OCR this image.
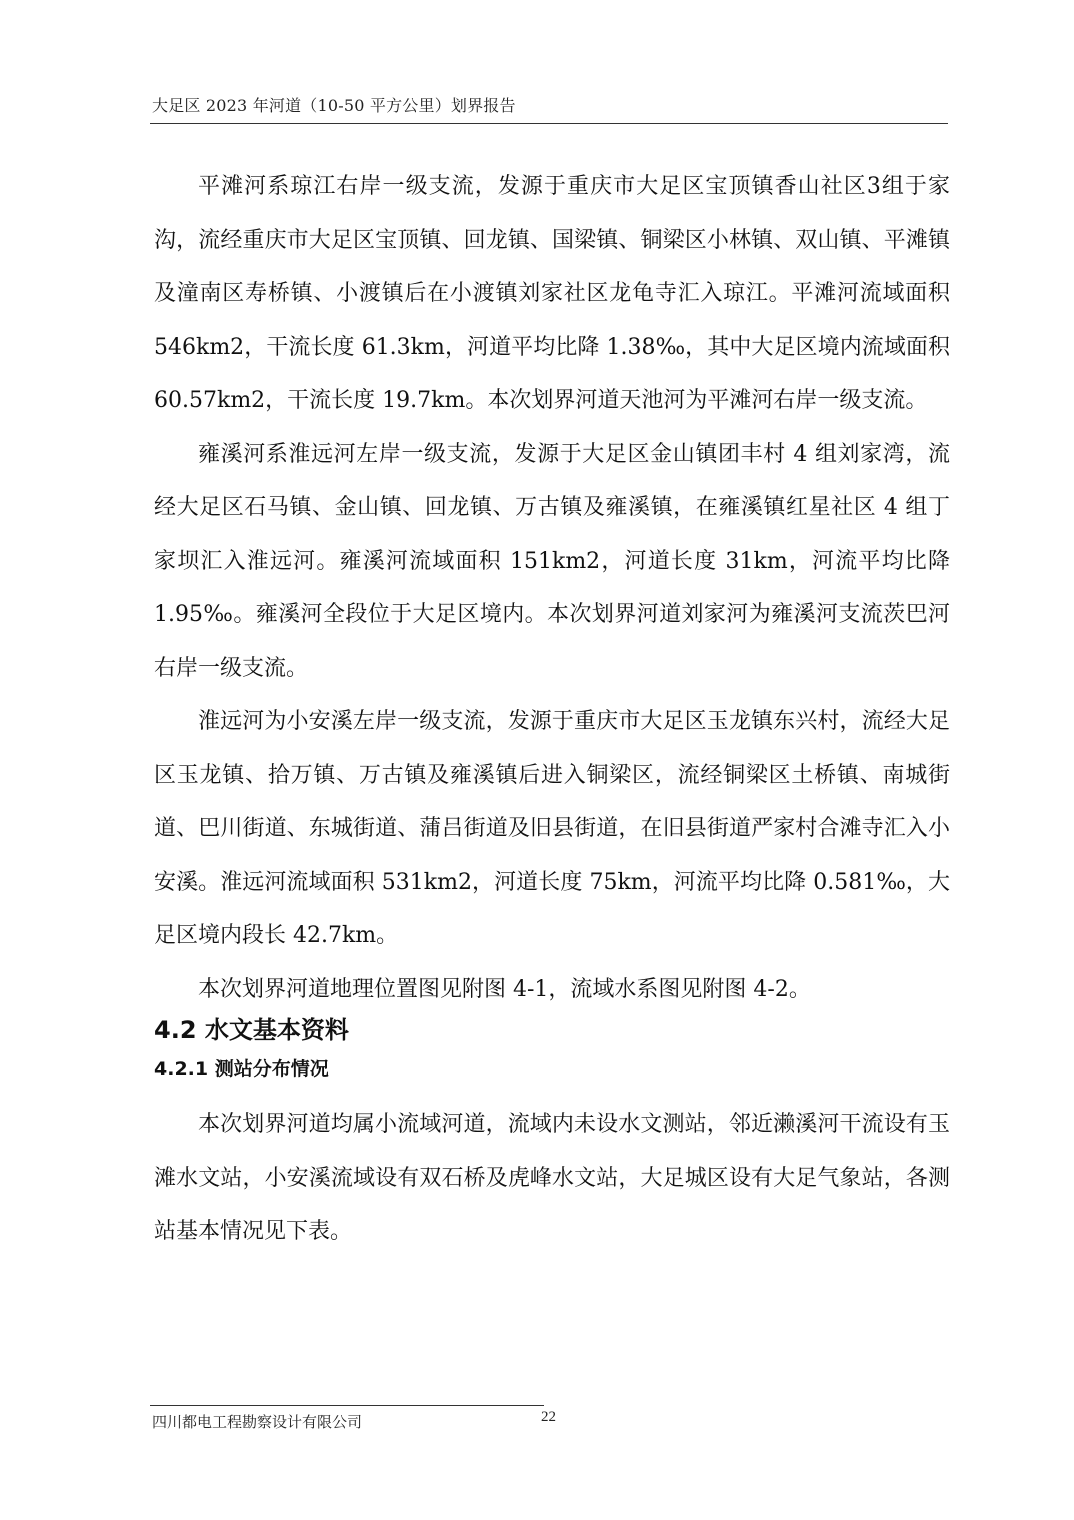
大足区 2023 年河道（10-50 平方公里）划界报告

平滩河系琼江右岸一级支流，发源于重庆市大足区宝顶镇香山社区3组于家沟，流经重庆市大足区宝顶镇、回龙镇、国梁镇、铜梁区小林镇、双山镇、平滩镇及潼南区寿桥镇、小渡镇后在小渡镇刘家社区龙龟寺汇入琼江。平滩河流域面积 546km2，干流长度 61.3km，河道平均比降 1.38‰，其中大足区境内流域面积 60.57km2，干流长度 19.7km。本次划界河道天池河为平滩河右岸一级支流。

雍溪河系淮远河左岸一级支流，发源于大足区金山镇团丰村 4 组刘家湾，流经大足区石马镇、金山镇、回龙镇、万古镇及雍溪镇，在雍溪镇红星社区 4 组丁家坝汇入淮远河。雍溪河流域面积 151km2，河道长度 31km，河流平均比降 1.95‰。雍溪河全段位于大足区境内。本次划界河道刘家河为雍溪河支流茨巴河右岸一级支流。

淮远河为小安溪左岸一级支流，发源于重庆市大足区玉龙镇东兴村，流经大足区玉龙镇、拾万镇、万古镇及雍溪镇后进入铜梁区，流经铜梁区土桥镇、南城街道、巴川街道、东城街道、蒲吕街道及旧县街道，在旧县街道严家村合滩寺汇入小安溪。淮远河流域面积 531km2，河道长度 75km，河流平均比降 0.581‰，大足区境内段长 42.7km。

本次划界河道地理位置图见附图 4-1，流域水系图见附图 4-2。

4.2 水文基本资料
4.2.1 测站分布情况

本次划界河道均属小流域河道，流域内未设水文测站，邻近濑溪河干流设有玉滩水文站，小安溪流域设有双石桥及虎峰水文站，大足城区设有大足气象站，各测站基本情况见下表。

四川都电工程勘察设计有限公司	22
